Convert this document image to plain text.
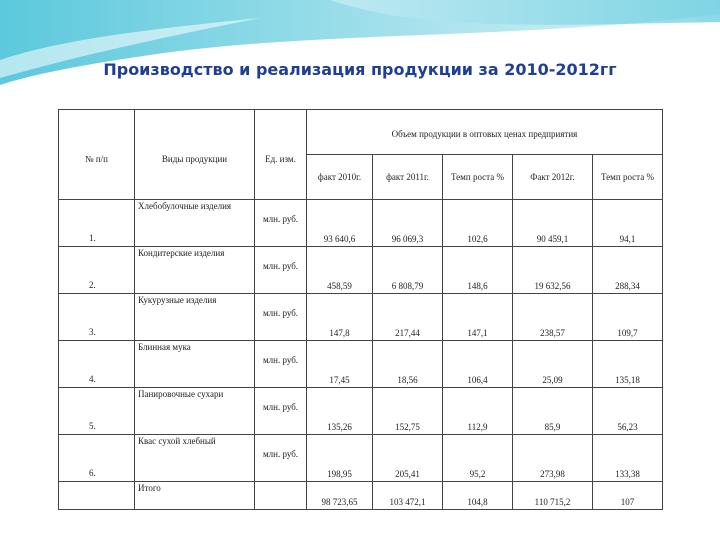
Производство и реализация продукции за 2010-2012гг
№ п/п	Виды продукции	Ед. изм.	Объем продукции в оптовых ценах предприятия				
			факт 2010г.	факт 2011г.	Темп роста %	Факт 2012г.	Темп роста %
1.	Хлебобулочные изделия	млн. руб.	93 640,6	96 069,3	102,6	90 459,1	94,1
2.	Кондитерские изделия	млн. руб.	458,59	6 808,79	148,6	19 632,56	288,34
3.	Кукурузные изделия	млн. руб.	147,8	217,44	147,1	238,57	109,7
4.	Блинная мука	млн. руб.	17,45	18,56	106,4	25,09	135,18
5.	Панировочные сухари	млн. руб.	135,26	152,75	112,9	85,9	56,23
6.	Квас сухой хлебный	млн. руб.	198,95	205,41	95,2	273,98	133,38
	Итого		98 723,65	103 472,1	104,8	110 715,2	107
